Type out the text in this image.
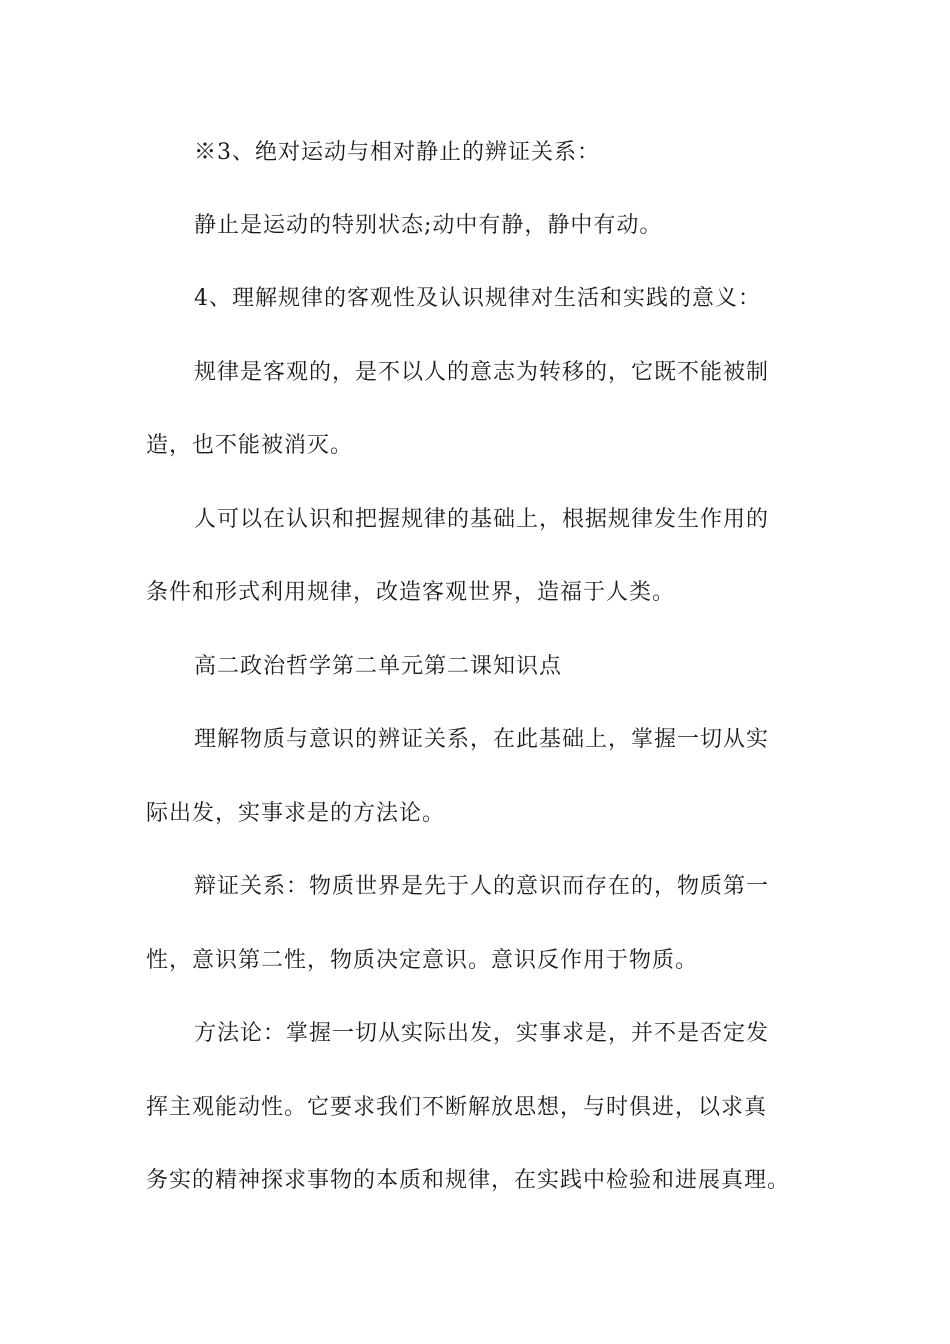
※3、绝对运动与相对静止的辨证关系：
静止是运动的特别状态;动中有静，静中有动。
4、理解规律的客观性及认识规律对生活和实践的意义：
规律是客观的，是不以人的意志为转移的，它既不能被制
造，也不能被消灭。
人可以在认识和把握规律的基础上，根据规律发生作用的
条件和形式利用规律，改造客观世界，造福于人类。
高二政治哲学第二单元第二课知识点
理解物质与意识的辨证关系，在此基础上，掌握一切从实
际出发，实事求是的方法论。
辩证关系：物质世界是先于人的意识而存在的，物质第一
性，意识第二性，物质决定意识。意识反作用于物质。
方法论：掌握一切从实际出发，实事求是，并不是否定发
挥主观能动性。它要求我们不断解放思想，与时俱进，以求真
务实的精神探求事物的本质和规律，在实践中检验和进展真理。
